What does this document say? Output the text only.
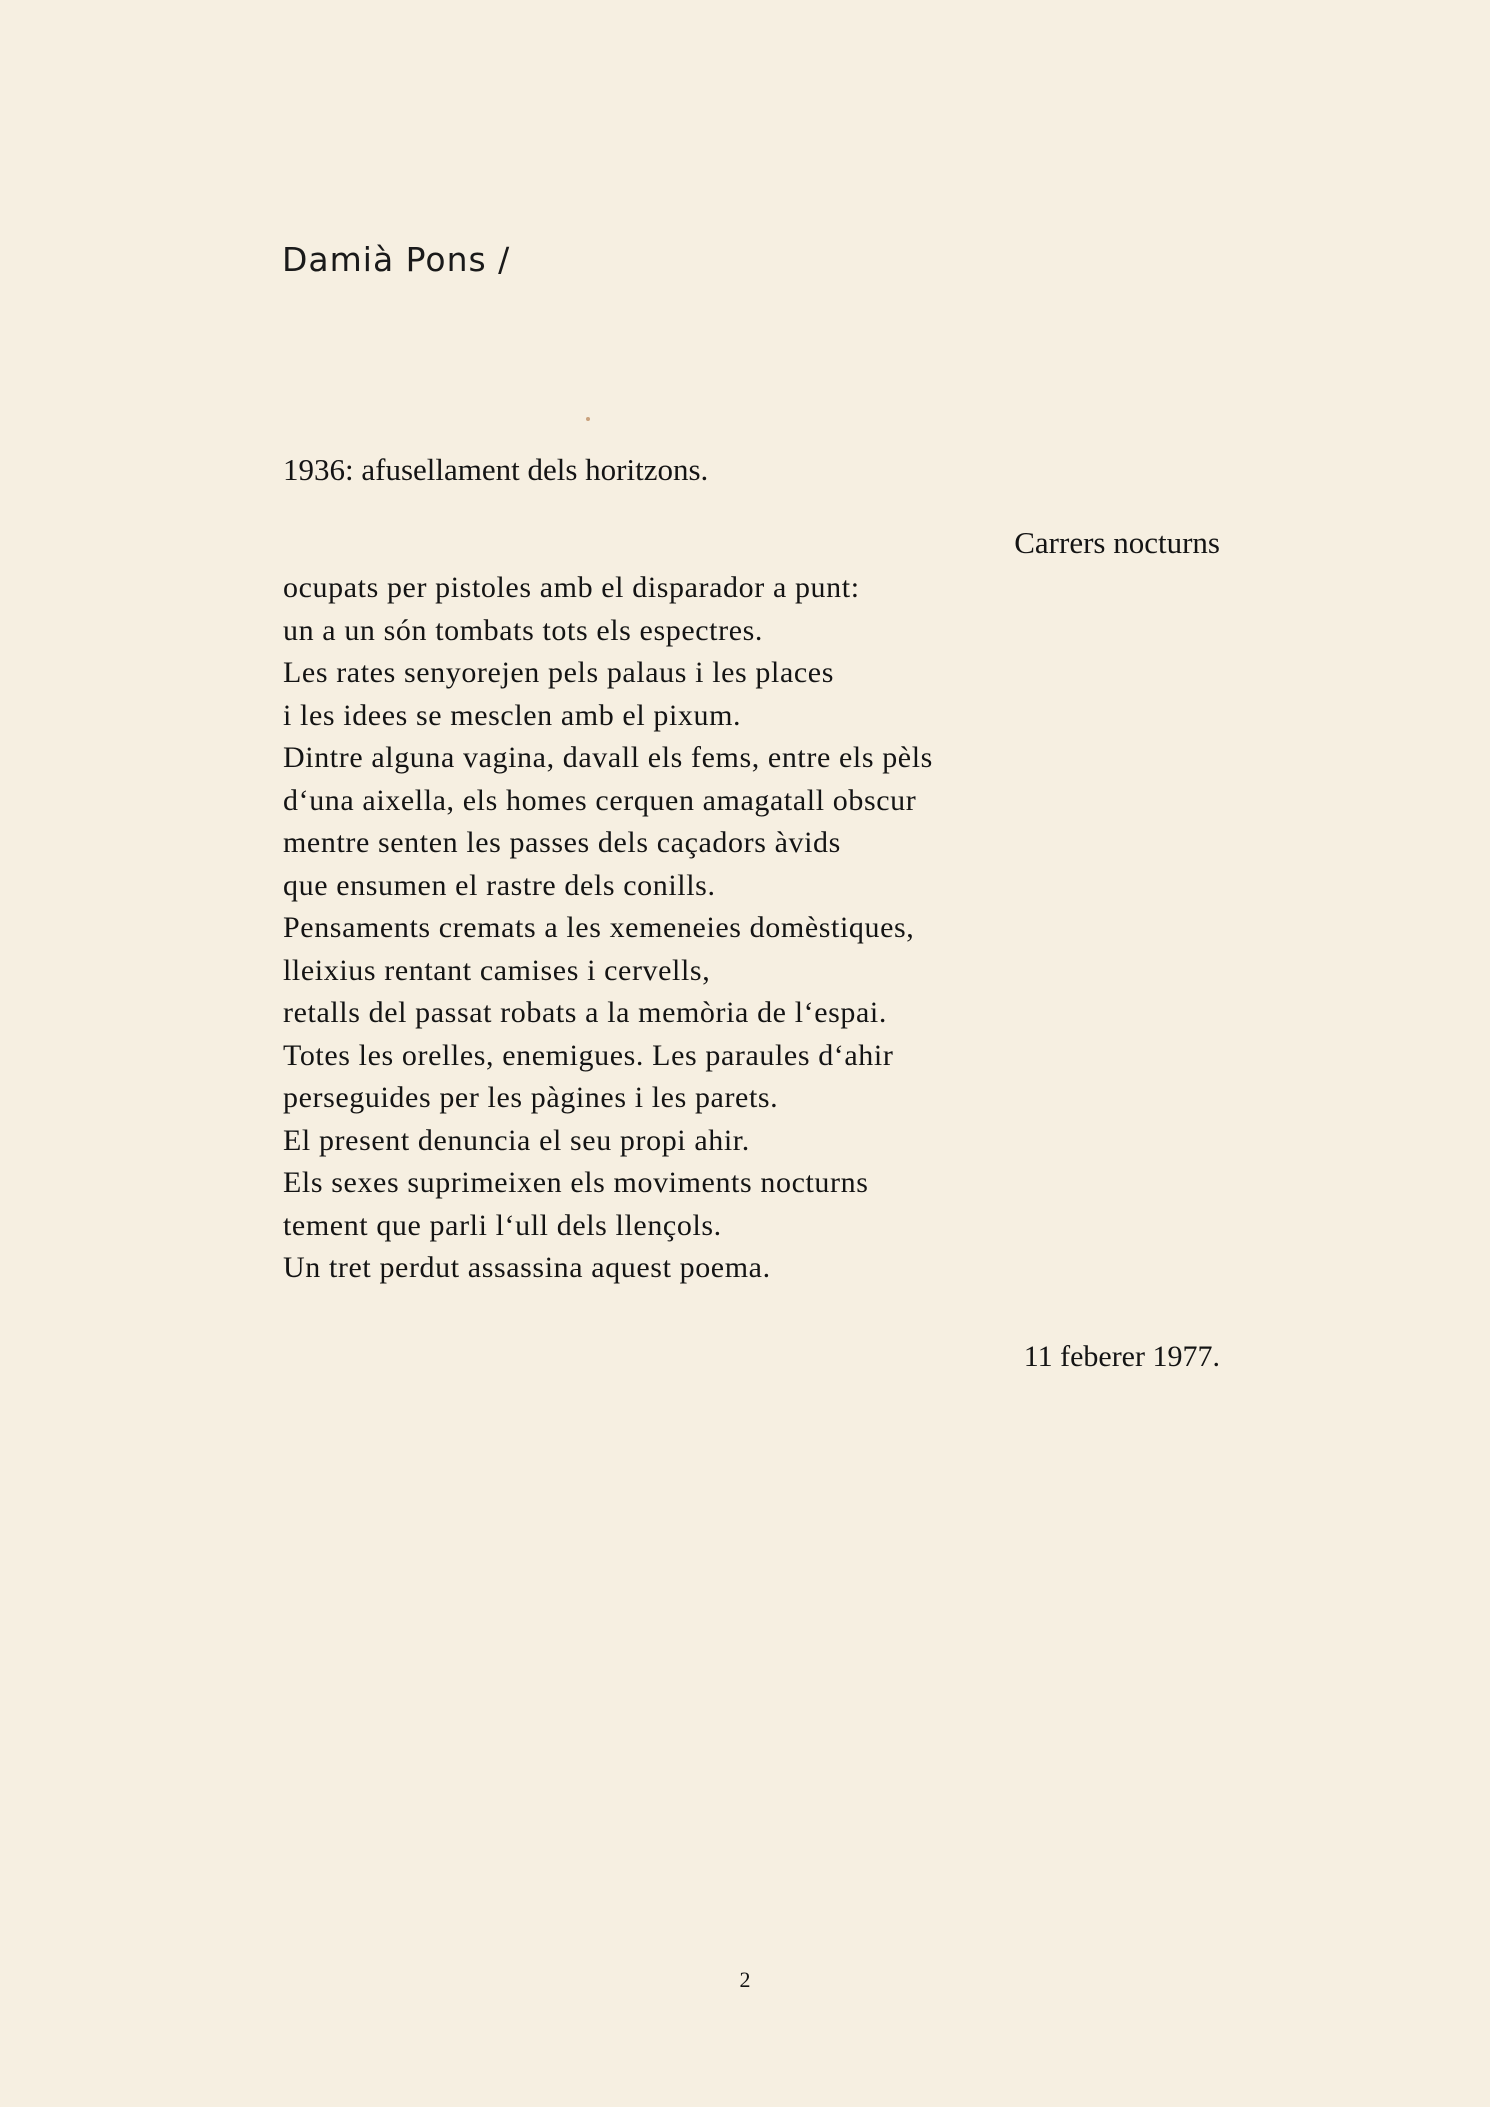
Damià Pons /
1936: afusellament dels horitzons.
Carrers nocturns
ocupats per pistoles amb el disparador a punt:
un a un són tombats tots els espectres.
Les rates senyorejen pels palaus i les places
i les idees se mesclen amb el pixum.
Dintre alguna vagina, davall els fems, entre els pèls
d‘una aixella, els homes cerquen amagatall obscur
mentre senten les passes dels caçadors àvids
que ensumen el rastre dels conills.
Pensaments cremats a les xemeneies domèstiques,
lleixius rentant camises i cervells,
retalls del passat robats a la memòria de l‘espai.
Totes les orelles, enemigues. Les paraules d‘ahir
perseguides per les pàgines i les parets.
El present denuncia el seu propi ahir.
Els sexes suprimeixen els moviments nocturns
tement que parli l‘ull dels llençols.
Un tret perdut assassina aquest poema.
11 feberer 1977.
2
